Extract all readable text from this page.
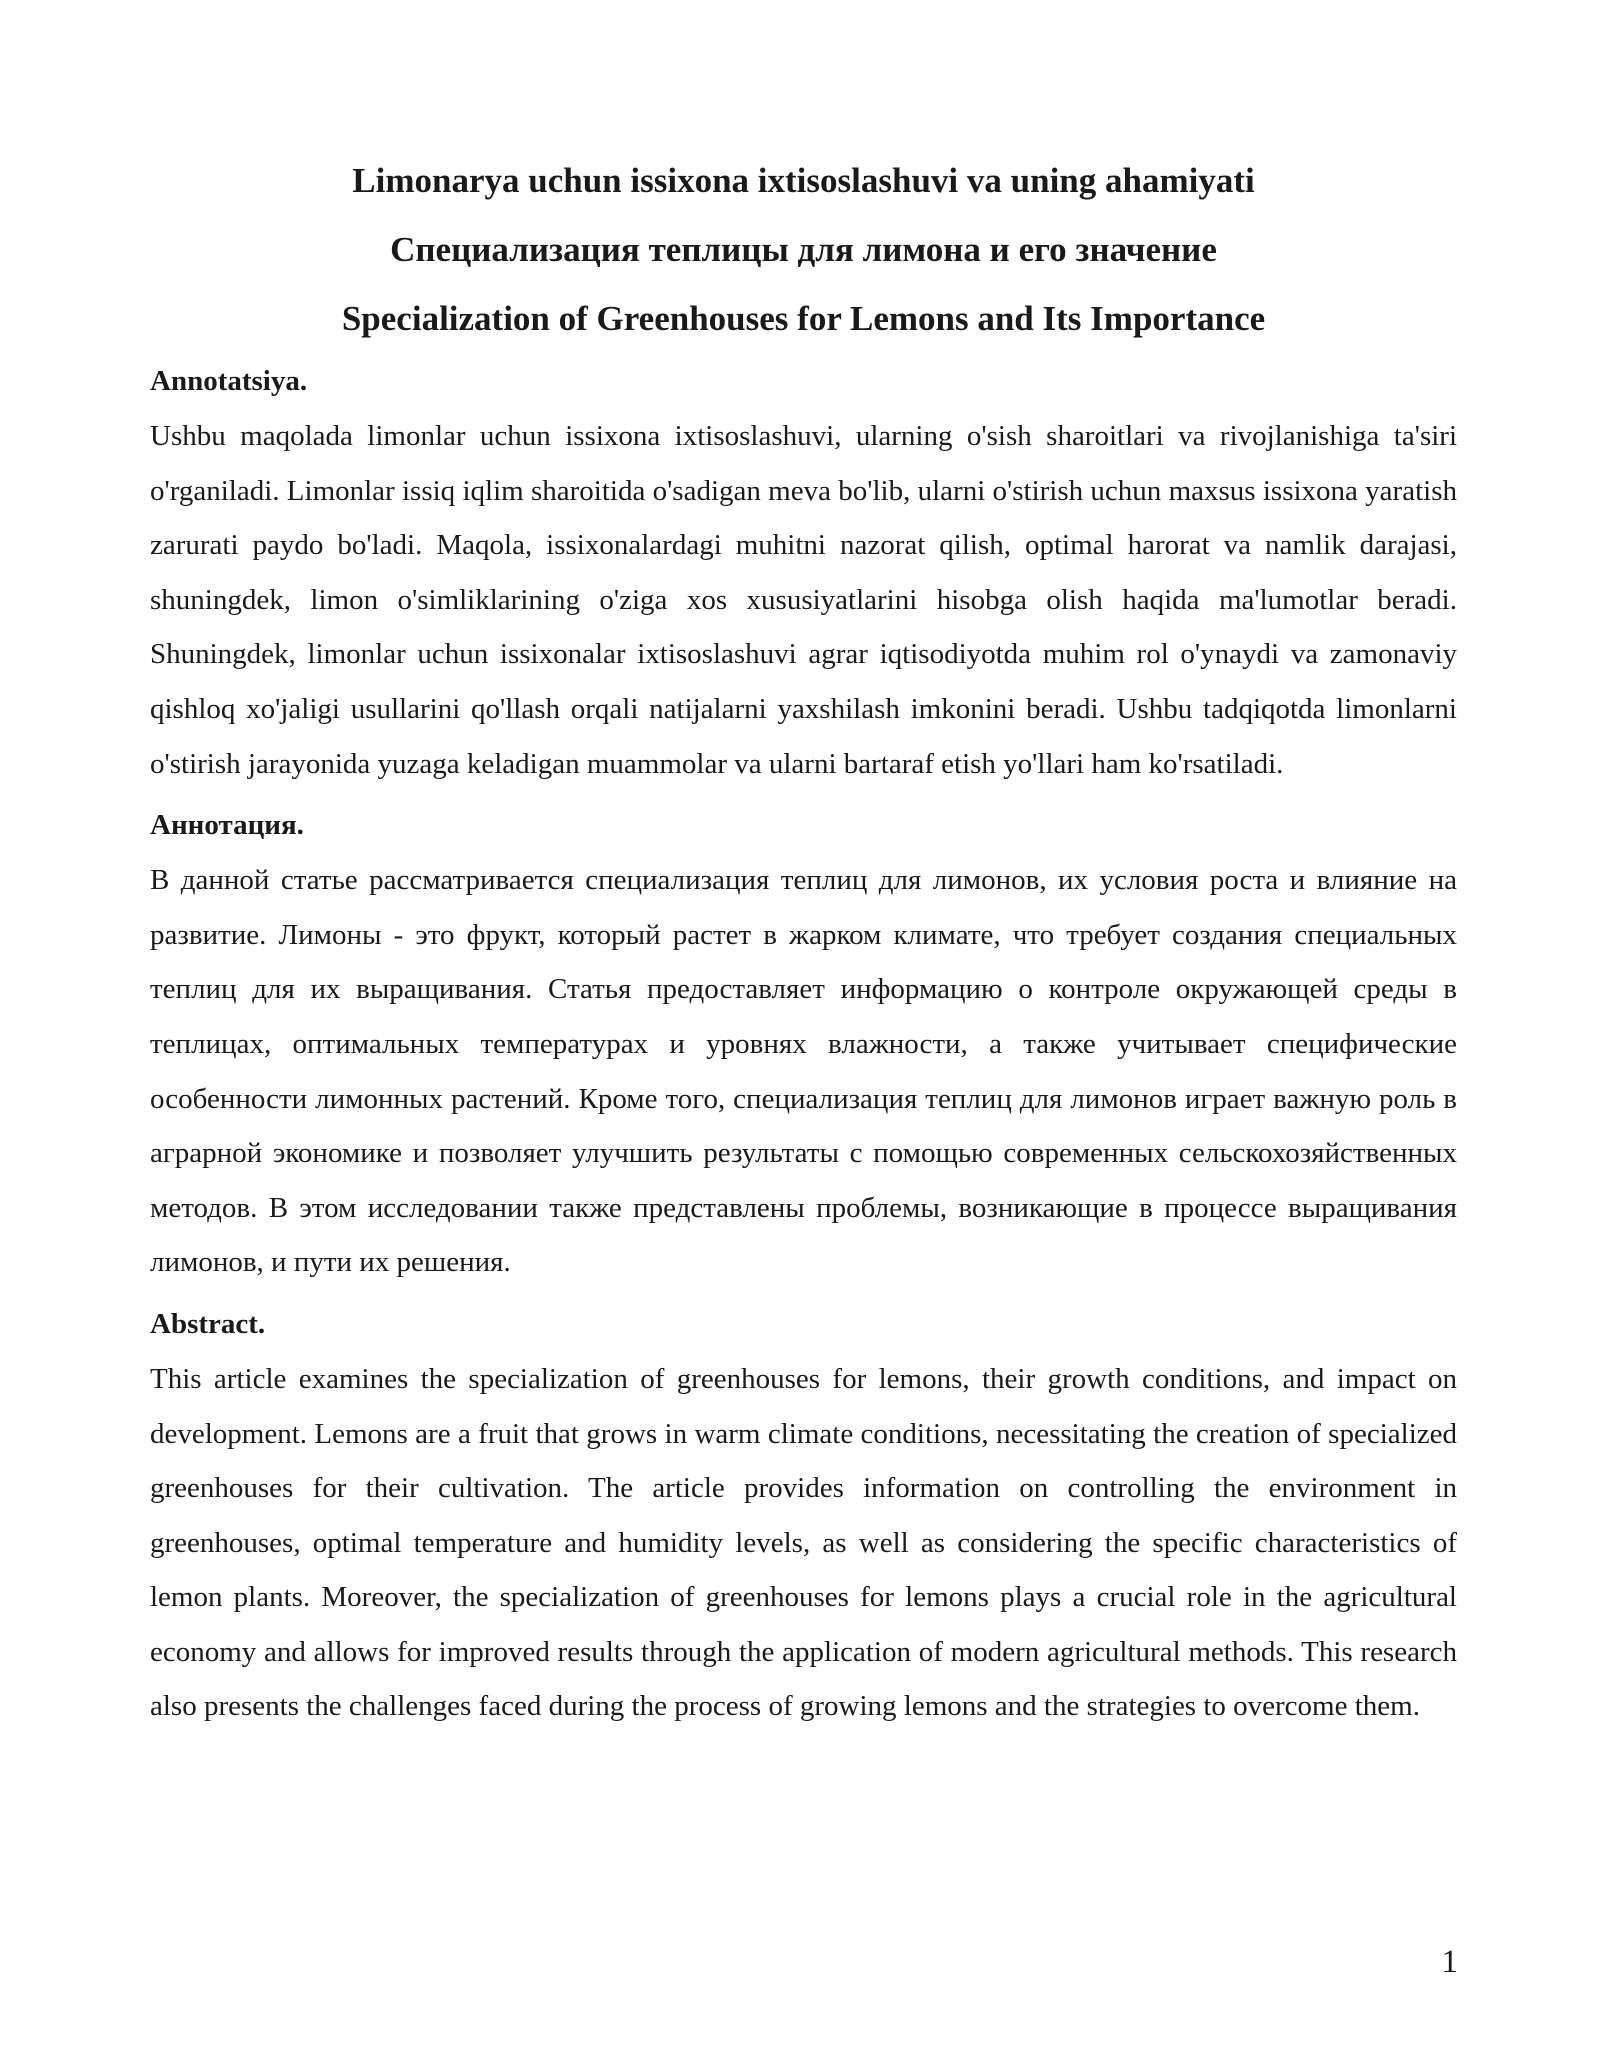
Limonarya uchun issixona ixtisoslashuvi va uning ahamiyati
Специализация теплицы для лимона и его значение
Specialization of Greenhouses for Lemons and Its Importance

Annotatsiya.

Ushbu maqolada limonlar uchun issixona ixtisoslashuvi, ularning o'sish sharoitlari va rivojlanishiga ta'siri o'rganiladi. Limonlar issiq iqlim sharoitida o'sadigan meva bo'lib, ularni o'stirish uchun maxsus issixona yaratish zarurati paydo bo'ladi. Maqola, issixonalardagi muhitni nazorat qilish, optimal harorat va namlik darajasi, shuningdek, limon o'simliklarining o'ziga xos xususiyatlarini hisobga olish haqida ma'lumotlar beradi. Shuningdek, limonlar uchun issixonalar ixtisoslashuvi agrar iqtisodiyotda muhim rol o'ynaydi va zamonaviy qishloq xo'jaligi usullarini qo'llash orqali natijalarni yaxshilash imkonini beradi. Ushbu tadqiqotda limonlarni o'stirish jarayonida yuzaga keladigan muammolar va ularni bartaraf etish yo'llari ham ko'rsatiladi.

Аннотация.

В данной статье рассматривается специализация теплиц для лимонов, их условия роста и влияние на развитие. Лимоны - это фрукт, который растет в жарком климате, что требует создания специальных теплиц для их выращивания. Статья предоставляет информацию о контроле окружающей среды в теплицах, оптимальных температурах и уровнях влажности, а также учитывает специфические особенности лимонных растений. Кроме того, специализация теплиц для лимонов играет важную роль в аграрной экономике и позволяет улучшить результаты с помощью современных сельскохозяйственных методов. В этом исследовании также представлены проблемы, возникающие в процессе выращивания лимонов, и пути их решения.

Abstract.

This article examines the specialization of greenhouses for lemons, their growth conditions, and impact on development. Lemons are a fruit that grows in warm climate conditions, necessitating the creation of specialized greenhouses for their cultivation. The article provides information on controlling the environment in greenhouses, optimal temperature and humidity levels, as well as considering the specific characteristics of lemon plants. Moreover, the specialization of greenhouses for lemons plays a crucial role in the agricultural economy and allows for improved results through the application of modern agricultural methods. This research also presents the challenges faced during the process of growing lemons and the strategies to overcome them.

1
